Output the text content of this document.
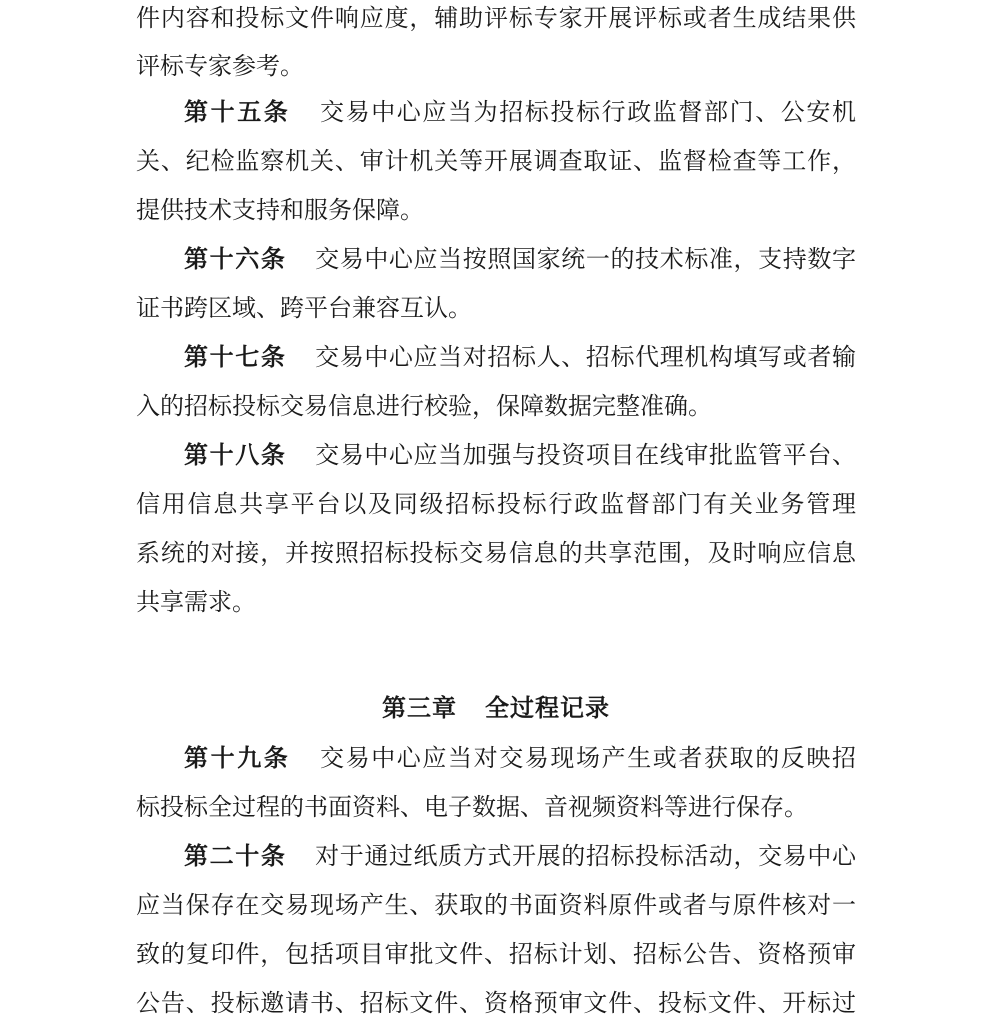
件内容和投标文件响应度，辅助评标专家开展评标或者生成结果供
评标专家参考。
第十五条 交易中心应当为招标投标行政监督部门、公安机
关、纪检监察机关、审计机关等开展调查取证、监督检查等工作，
提供技术支持和服务保障。
第十六条 交易中心应当按照国家统一的技术标准，支持数字
证书跨区域、跨平台兼容互认。
第十七条 交易中心应当对招标人、招标代理机构填写或者输
入的招标投标交易信息进行校验，保障数据完整准确。
第十八条 交易中心应当加强与投资项目在线审批监管平台、
信用信息共享平台以及同级招标投标行政监督部门有关业务管理
系统的对接，并按照招标投标交易信息的共享范围，及时响应信息
共享需求。
第三章 全过程记录
第十九条 交易中心应当对交易现场产生或者获取的反映招
标投标全过程的书面资料、电子数据、音视频资料等进行保存。
第二十条 对于通过纸质方式开展的招标投标活动，交易中心
应当保存在交易现场产生、获取的书面资料原件或者与原件核对一
致的复印件，包括项目审批文件、招标计划、招标公告、资格预审
公告、投标邀请书、招标文件、资格预审文件、投标文件、开标过
